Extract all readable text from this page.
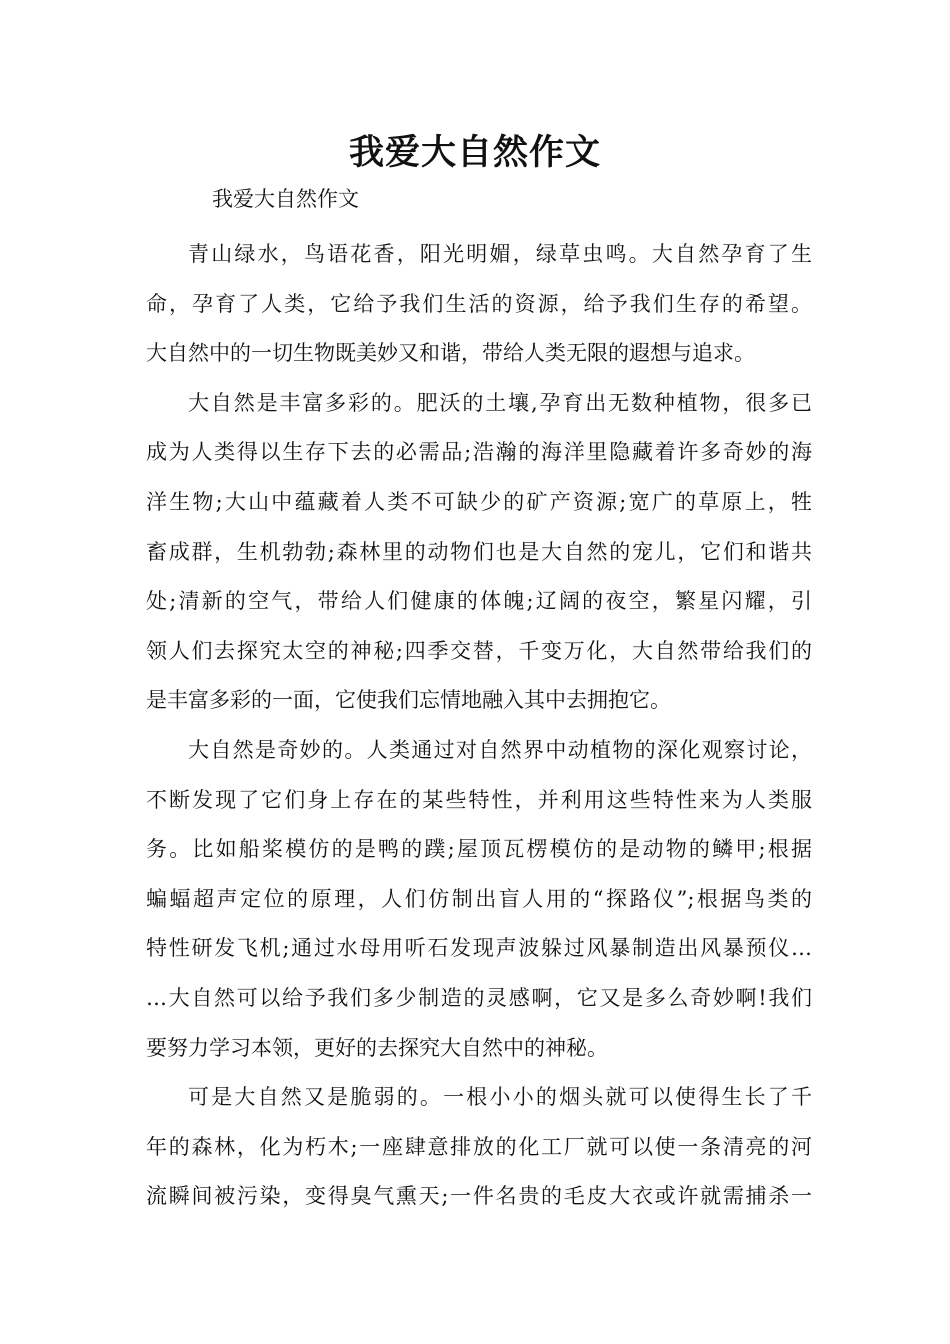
我爱大自然作文

我爱大自然作文

青山绿水，鸟语花香，阳光明媚，绿草虫鸣。大自然孕育了生
命，孕育了人类，它给予我们生活的资源，给予我们生存的希望。
大自然中的一切生物既美妙又和谐，带给人类无限的遐想与追求。
大自然是丰富多彩的。肥沃的土壤,孕育出无数种植物，很多已
成为人类得以生存下去的必需品;浩瀚的海洋里隐藏着许多奇妙的海
洋生物;大山中蕴藏着人类不可缺少的矿产资源;宽广的草原上，牲
畜成群，生机勃勃;森林里的动物们也是大自然的宠儿，它们和谐共
处;清新的空气，带给人们健康的体魄;辽阔的夜空，繁星闪耀，引
领人们去探究太空的神秘;四季交替，千变万化，大自然带给我们的
是丰富多彩的一面，它使我们忘情地融入其中去拥抱它。
大自然是奇妙的。人类通过对自然界中动植物的深化观察讨论，
不断发现了它们身上存在的某些特性，并利用这些特性来为人类服
务。比如船桨模仿的是鸭的蹼;屋顶瓦楞模仿的是动物的鳞甲;根据
蝙蝠超声定位的原理，人们仿制出盲人用的“探路仪”;根据鸟类的
特性研发飞机;通过水母用听石发现声波躲过风暴制造出风暴预仪…
…大自然可以给予我们多少制造的灵感啊，它又是多么奇妙啊!我们
要努力学习本领，更好的去探究大自然中的神秘。
可是大自然又是脆弱的。一根小小的烟头就可以使得生长了千
年的森林，化为朽木;一座肆意排放的化工厂就可以使一条清亮的河
流瞬间被污染，变得臭气熏天;一件名贵的毛皮大衣或许就需捕杀一
